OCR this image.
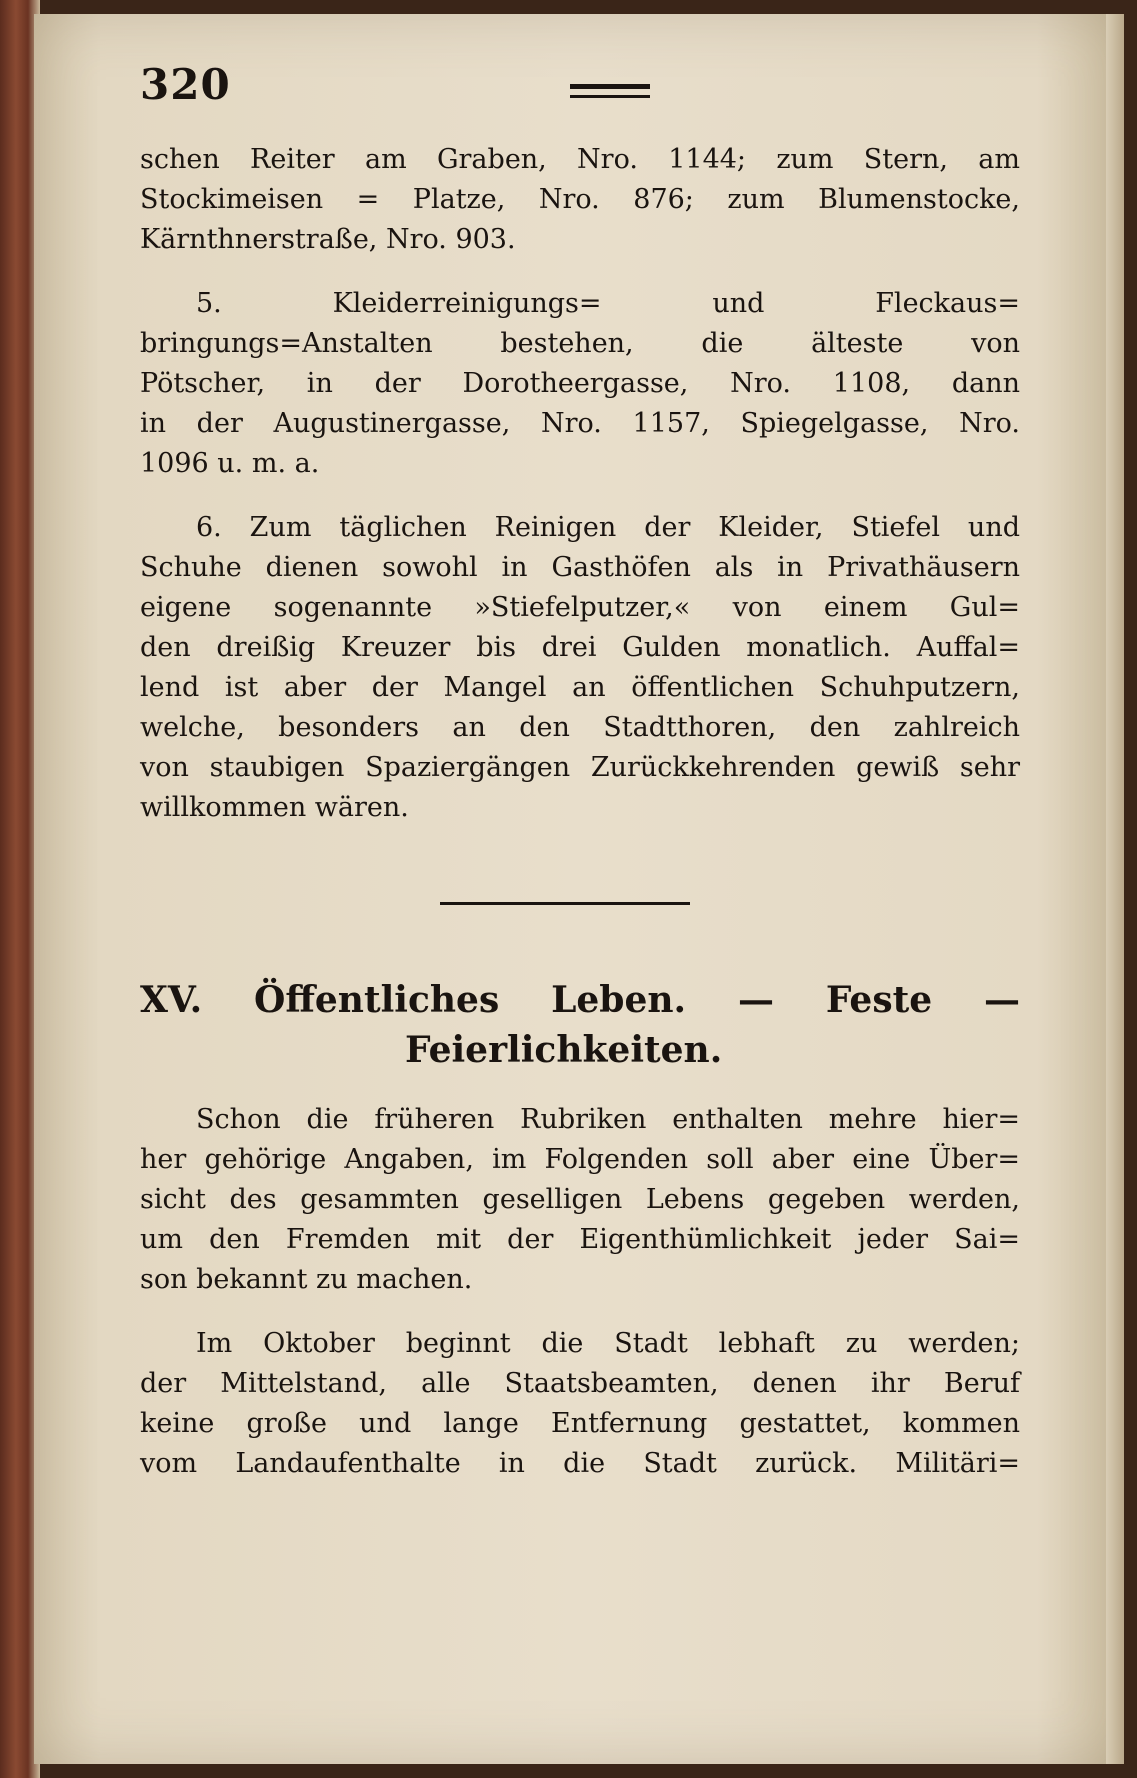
320
schen Reiter am Graben, Nro. 1144; zum Stern, am
Stockimeisen = Platze, Nro. 876; zum Blumenstocke,
Kärnthnerstraße, Nro. 903.
5. Kleiderreinigungs= und Fleckaus=
bringungs=Anstalten bestehen, die älteste von
Pötscher, in der Dorotheergasse, Nro. 1108, dann
in der Augustinergasse, Nro. 1157, Spiegelgasse, Nro.
1096 u. m. a.
6. Zum täglichen Reinigen der Kleider, Stiefel und
Schuhe dienen sowohl in Gasthöfen als in Privathäusern
eigene sogenannte »Stiefelputzer,« von einem Gul=
den dreißig Kreuzer bis drei Gulden monatlich. Auffal=
lend ist aber der Mangel an öffentlichen Schuhputzern,
welche, besonders an den Stadtthoren, den zahlreich
von staubigen Spaziergängen Zurückkehrenden gewiß sehr
willkommen wären.
XV. Öffentliches Leben. — Feste —
Feierlichkeiten.
Schon die früheren Rubriken enthalten mehre hier=
her gehörige Angaben, im Folgenden soll aber eine Über=
sicht des gesammten geselligen Lebens gegeben werden,
um den Fremden mit der Eigenthümlichkeit jeder Sai=
son bekannt zu machen.
Im Oktober beginnt die Stadt lebhaft zu werden;
der Mittelstand, alle Staatsbeamten, denen ihr Beruf
keine große und lange Entfernung gestattet, kommen
vom Landaufenthalte in die Stadt zurück. Militäri=
